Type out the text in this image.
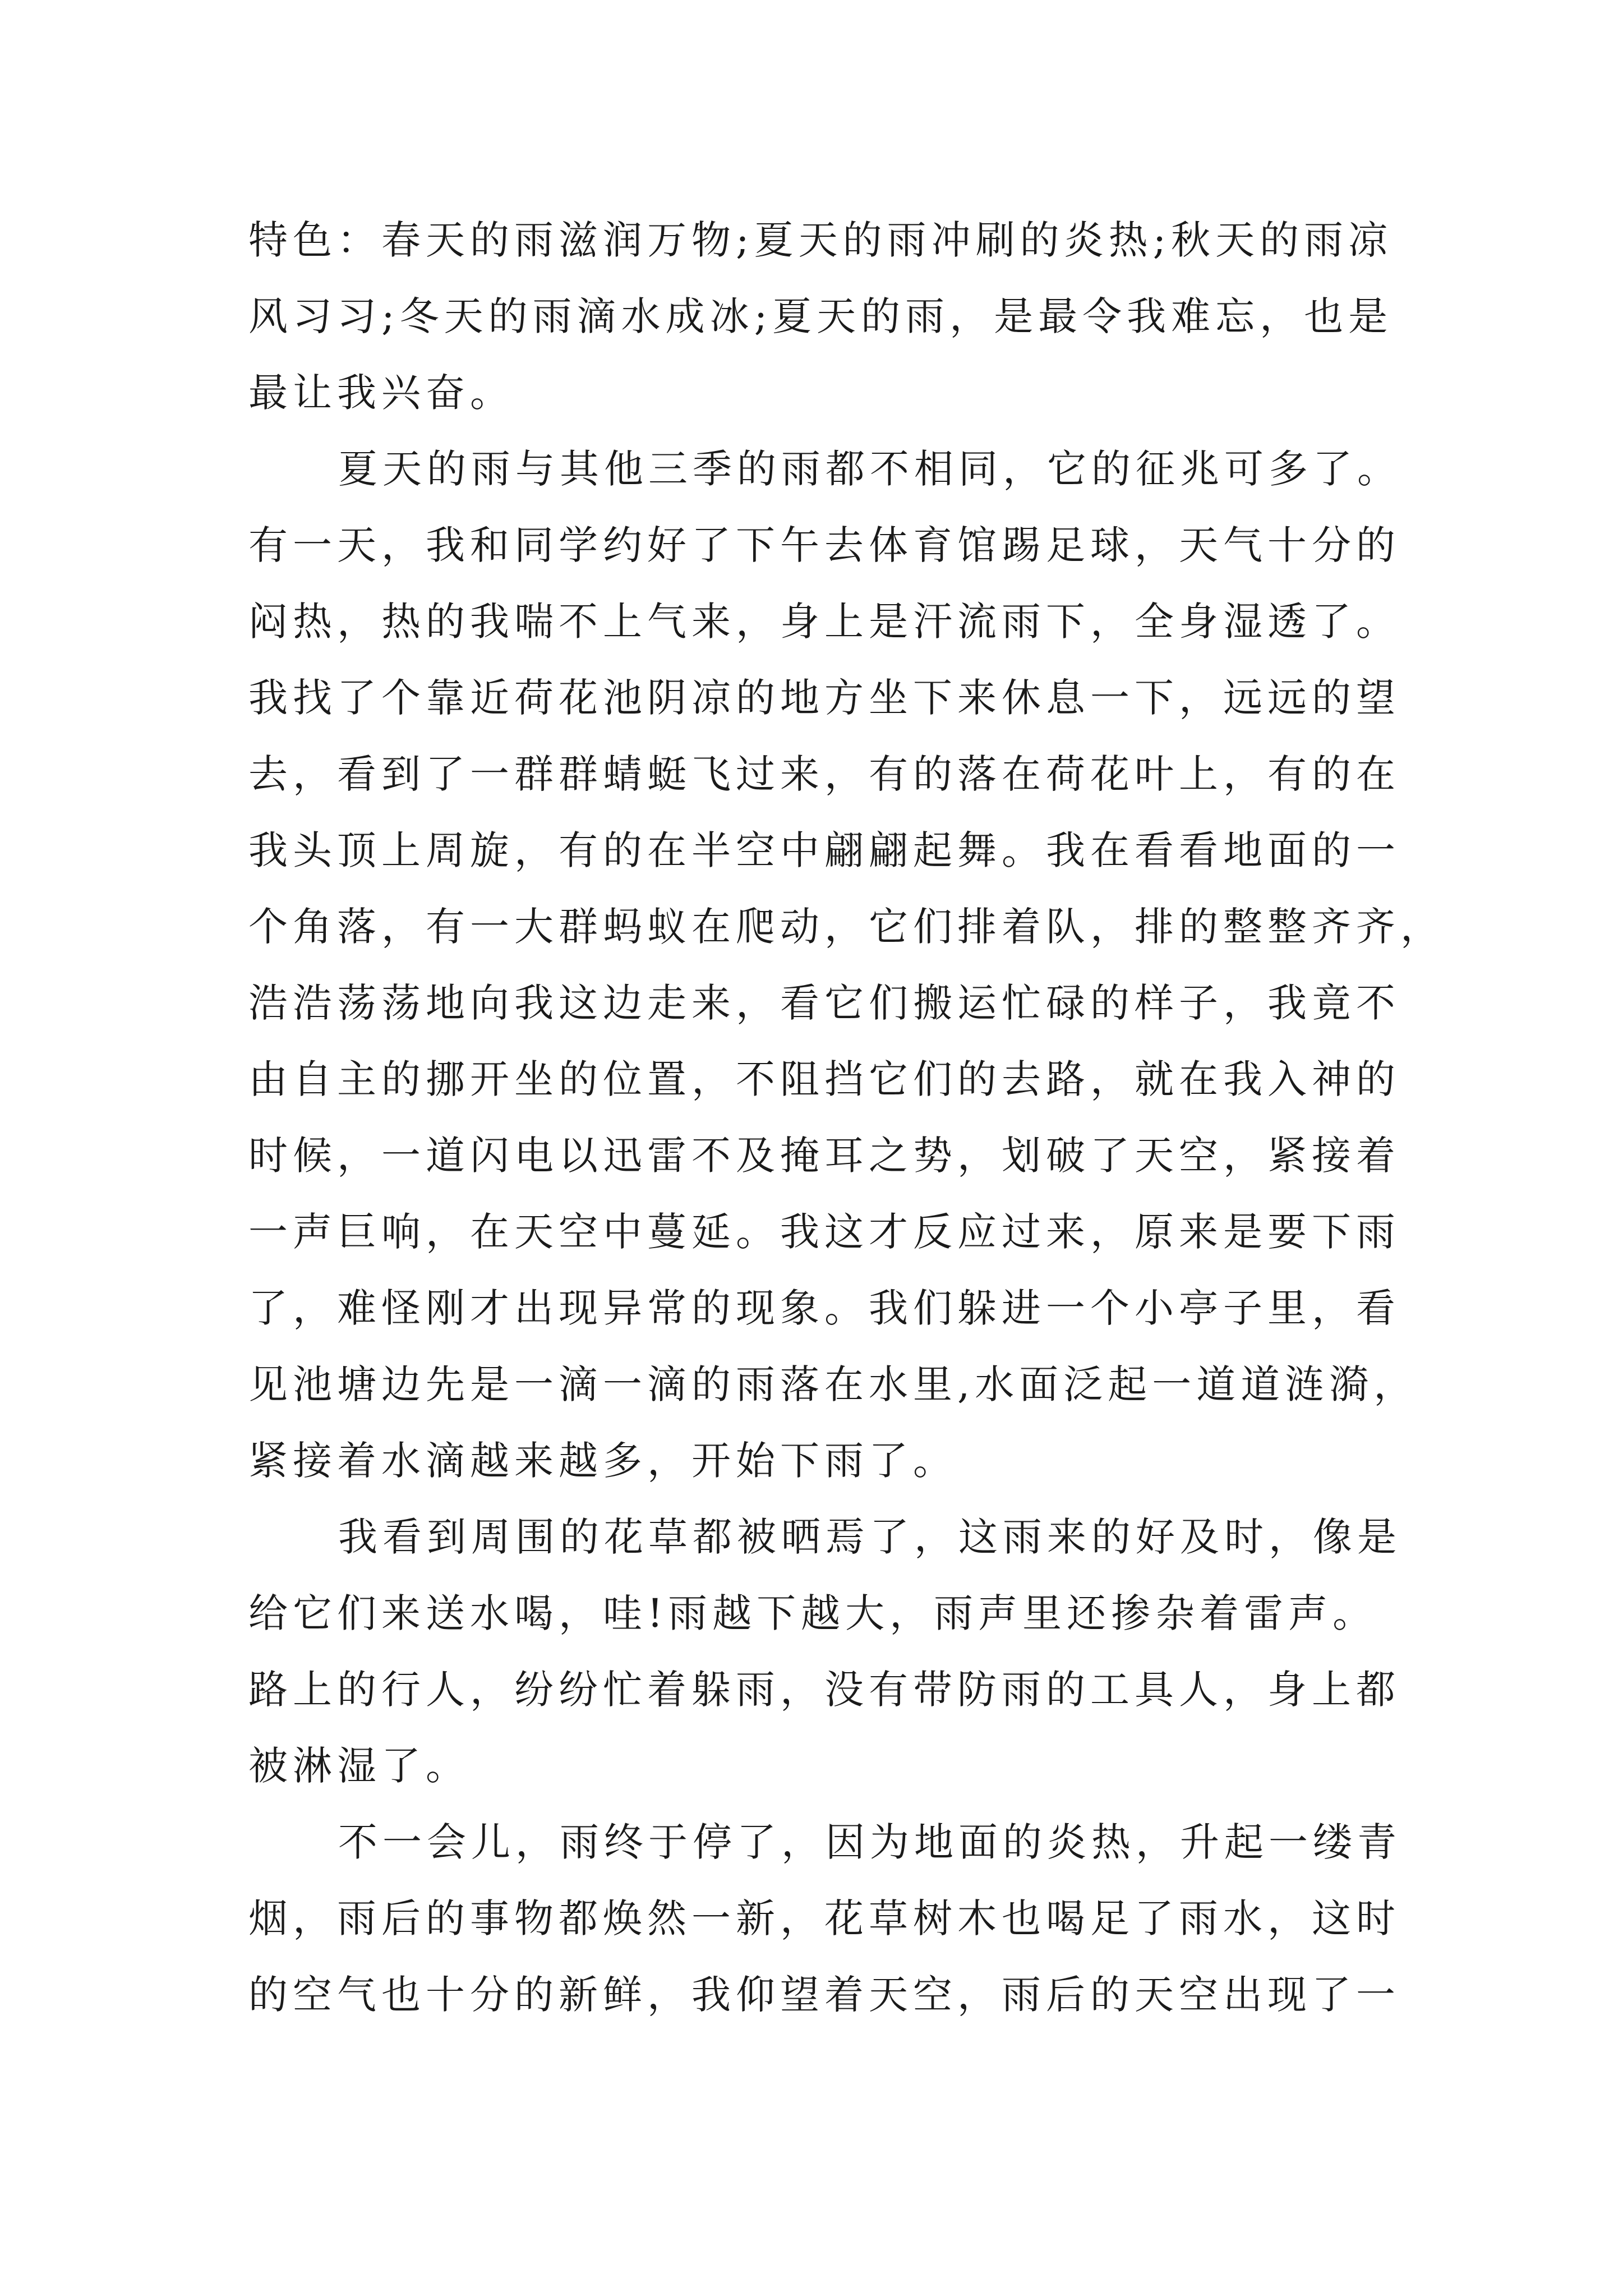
特色：春天的雨滋润万物;夏天的雨冲刷的炎热;秋天的雨凉
风习习;冬天的雨滴水成冰;夏天的雨，是最令我难忘，也是
最让我兴奋。
夏天的雨与其他三季的雨都不相同，它的征兆可多了。
有一天，我和同学约好了下午去体育馆踢足球，天气十分的
闷热，热的我喘不上气来，身上是汗流雨下，全身湿透了。
我找了个靠近荷花池阴凉的地方坐下来休息一下，远远的望
去，看到了一群群蜻蜓飞过来，有的落在荷花叶上，有的在
我头顶上周旋，有的在半空中翩翩起舞。我在看看地面的一
个角落，有一大群蚂蚁在爬动，它们排着队，排的整整齐齐，
浩浩荡荡地向我这边走来，看它们搬运忙碌的样子，我竟不
由自主的挪开坐的位置，不阻挡它们的去路，就在我入神的
时候，一道闪电以迅雷不及掩耳之势，划破了天空，紧接着
一声巨响，在天空中蔓延。我这才反应过来，原来是要下雨
了，难怪刚才出现异常的现象。我们躲进一个小亭子里，看
见池塘边先是一滴一滴的雨落在水里,水面泛起一道道涟漪，
紧接着水滴越来越多，开始下雨了。
我看到周围的花草都被晒焉了，这雨来的好及时，像是
给它们来送水喝，哇!雨越下越大，雨声里还掺杂着雷声。
路上的行人，纷纷忙着躲雨，没有带防雨的工具人，身上都
被淋湿了。
不一会儿，雨终于停了，因为地面的炎热，升起一缕青
烟，雨后的事物都焕然一新，花草树木也喝足了雨水，这时
的空气也十分的新鲜，我仰望着天空，雨后的天空出现了一
